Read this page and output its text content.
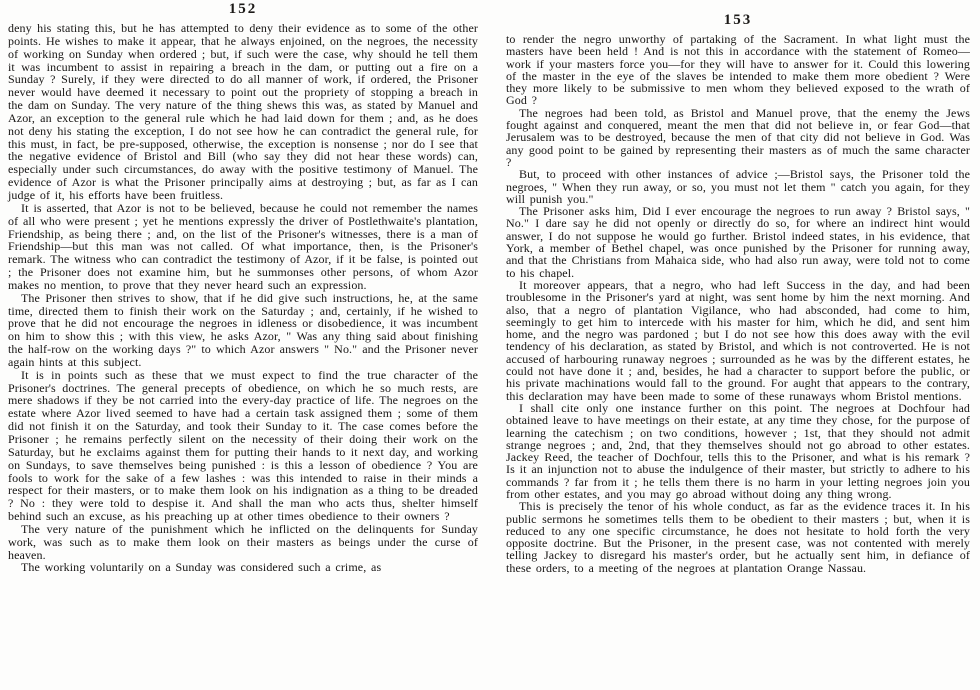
152

deny his stating this, but he has attempted to deny their evidence as to some of the other points. He wishes to make it appear, that he always enjoined, on the negroes, the necessity of working on Sunday when ordered ; but, if such were the case, why should he tell them it was incumbent to assist in repairing a breach in the dam, or putting out a fire on a Sunday ? Surely, if they were directed to do all manner of work, if ordered, the Prisoner never would have deemed it necessary to point out the propriety of stopping a breach in the dam on Sunday. The very nature of the thing shews this was, as stated by Manuel and Azor, an exception to the general rule which he had laid down for them ; and, as he does not deny his stating the exception, I do not see how he can contradict the general rule, for this must, in fact, be pre-supposed, otherwise, the exception is nonsense ; nor do I see that the negative evidence of Bristol and Bill (who say they did not hear these words) can, especially under such circumstances, do away with the positive testimony of Manuel. The evidence of Azor is what the Prisoner principally aims at destroying ; but, as far as I can judge of it, his efforts have been fruitless.

It is asserted, that Azor is not to be believed, because he could not remember the names of all who were present ; yet he mentions expressly the driver of Postlethwaite's plantation, Friendship, as being there ; and, on the list of the Prisoner's witnesses, there is a man of Friendship—but this man was not called. Of what importance, then, is the Prisoner's remark. The witness who can contradict the testimony of Azor, if it be false, is pointed out ; the Prisoner does not examine him, but he summonses other persons, of whom Azor makes no mention, to prove that they never heard such an expression.

The Prisoner then strives to show, that if he did give such instructions, he, at the same time, directed them to finish their work on the Saturday ; and, certainly, if he wished to prove that he did not encourage the negroes in idleness or disobedience, it was incumbent on him to show this ; with this view, he asks Azor, " Was any thing said about finishing the half-row on the working days ?" to which Azor answers " No." and the Prisoner never again hints at this subject.

It is in points such as these that we must expect to find the true character of the Prisoner's doctrines. The general precepts of obedience, on which he so much rests, are mere shadows if they be not carried into the every-day practice of life. The negroes on the estate where Azor lived seemed to have had a certain task assigned them ; some of them did not finish it on the Saturday, and took their Sunday to it. The case comes before the Prisoner ; he remains perfectly silent on the necessity of their doing their work on the Saturday, but he exclaims against them for putting their hands to it next day, and working on Sundays, to save themselves being punished : is this a lesson of obedience ? You are fools to work for the sake of a few lashes : was this intended to raise in their minds a respect for their masters, or to make them look on his indignation as a thing to be dreaded ? No : they were told to despise it. And shall the man who acts thus, shelter himself behind such an excuse, as his preaching up at other times obedience to their owners ?

The very nature of the punishment which he inflicted on the delinquents for Sunday work, was such as to make them look on their masters as beings under the curse of heaven.

The working voluntarily on a Sunday was considered such a crime, as

153

to render the negro unworthy of partaking of the Sacrament. In what light must the masters have been held ! And is not this in accordance with the statement of Romeo—work if your masters force you—for they will have to answer for it. Could this lowering of the master in the eye of the slaves be intended to make them more obedient ? Were they more likely to be submissive to men whom they believed exposed to the wrath of God ?

The negroes had been told, as Bristol and Manuel prove, that the enemy the Jews fought against and conquered, meant the men that did not believe in, or fear God—that Jerusalem was to be destroyed, because the men of that city did not believe in God. Was any good point to be gained by representing their masters as of much the same character ?

But, to proceed with other instances of advice ;—Bristol says, the Prisoner told the negroes, " When they run away, or so, you must not let them " catch you again, for they will punish you."

The Prisoner asks him, Did I ever encourage the negroes to run away ? Bristol says, " No." I dare say he did not openly or directly do so, for where an indirect hint would answer, I do not suppose he would go further. Bristol indeed states, in his evidence, that York, a member of Bethel chapel, was once punished by the Prisoner for running away, and that the Christians from Mahaica side, who had also run away, were told not to come to his chapel.

It moreover appears, that a negro, who had left Success in the day, and had been troublesome in the Prisoner's yard at night, was sent home by him the next morning. And also, that a negro of plantation Vigilance, who had absconded, had come to him, seemingly to get him to intercede with his master for him, which he did, and sent him home, and the negro was pardoned ; but I do not see how this does away with the evil tendency of his declaration, as stated by Bristol, and which is not controverted. He is not accused of harbouring runaway negroes ; surrounded as he was by the different estates, he could not have done it ; and, besides, he had a character to support before the public, or his private machinations would fall to the ground. For aught that appears to the contrary, this declaration may have been made to some of these runaways whom Bristol mentions.

I shall cite only one instance further on this point. The negroes at Dochfour had obtained leave to have meetings on their estate, at any time they chose, for the purpose of learning the catechism ; on two conditions, however ; 1st, that they should not admit strange negroes ; and, 2nd, that they themselves should not go abroad to other estates. Jackey Reed, the teacher of Dochfour, tells this to the Prisoner, and what is his remark ? Is it an injunction not to abuse the indulgence of their master, but strictly to adhere to his commands ? far from it ; he tells them there is no harm in your letting negroes join you from other estates, and you may go abroad without doing any thing wrong.

This is precisely the tenor of his whole conduct, as far as the evidence traces it. In his public sermons he sometimes tells them to be obedient to their masters ; but, when it is reduced to any one specific circumstance, he does not hesitate to hold forth the very opposite doctrine. But the Prisoner, in the present case, was not contented with merely telling Jackey to disregard his master's order, but he actually sent him, in defiance of these orders, to a meeting of the negroes at plantation Orange Nassau.
